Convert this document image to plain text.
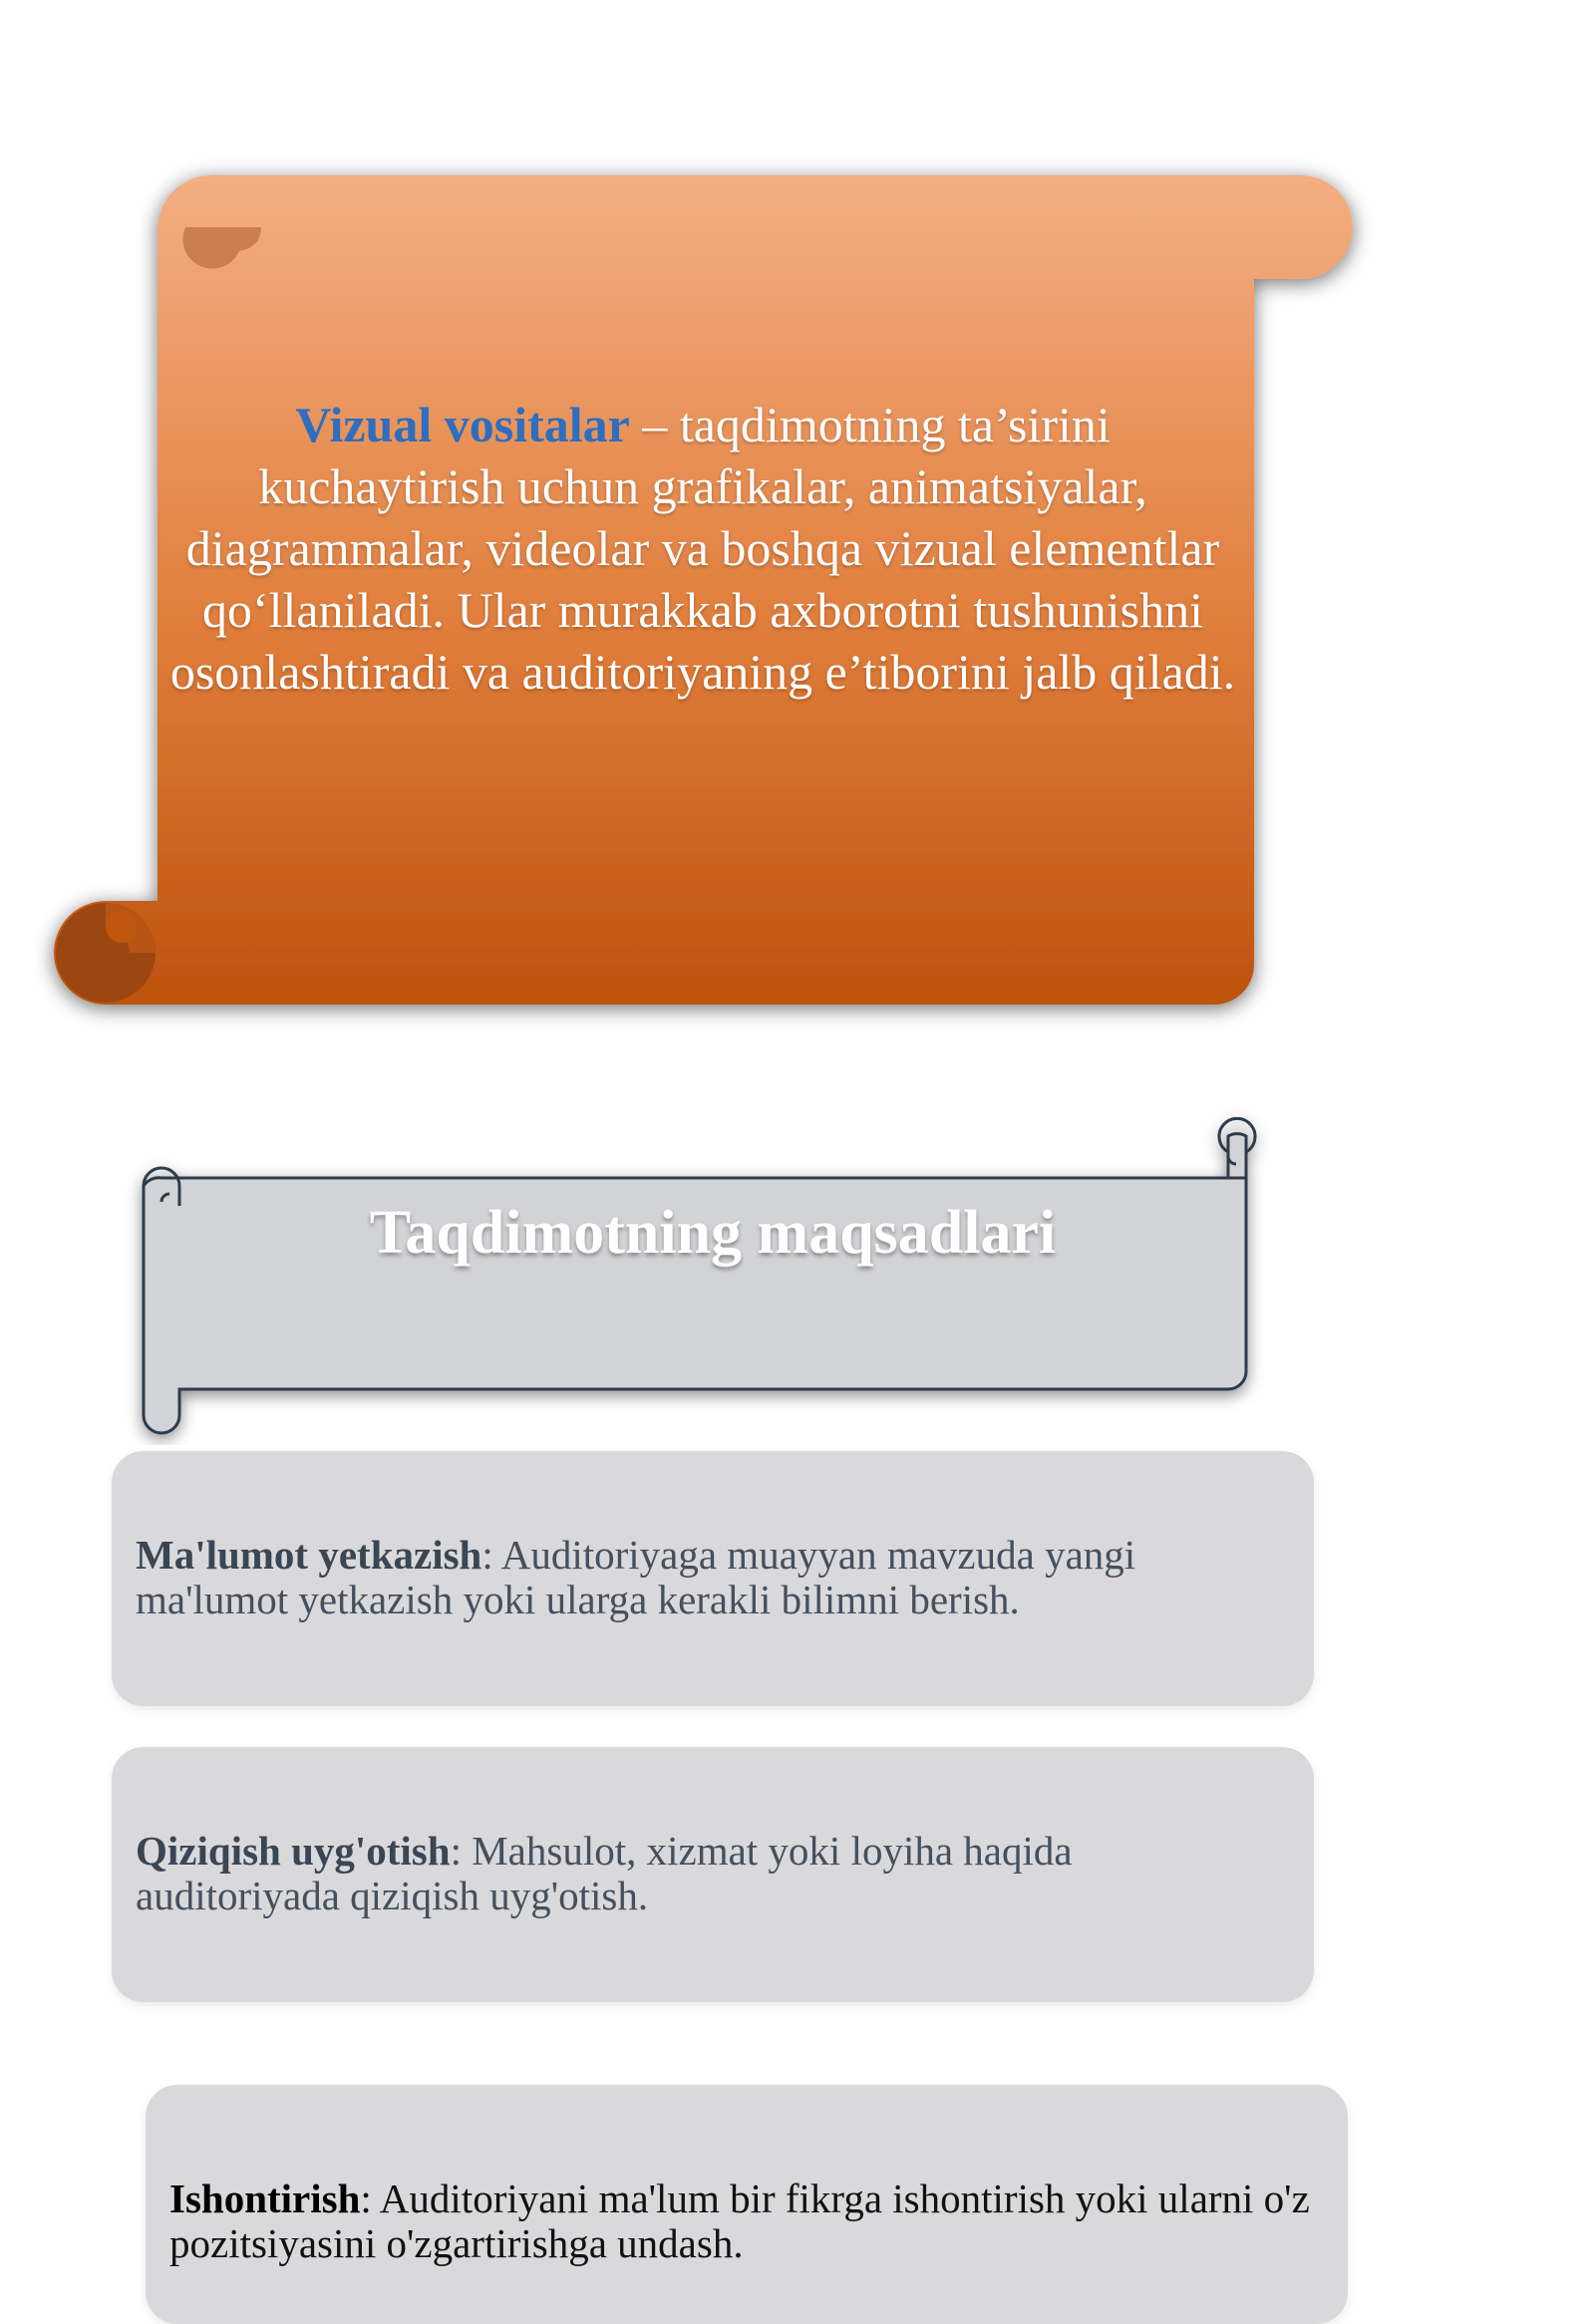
Vizual vositalar – taqdimotning ta’sirini kuchaytirish uchun grafikalar, animatsiyalar, diagrammalar, videolar va boshqa vizual elementlar qo‘llaniladi. Ular murakkab axborotni tushunishni osonlashtiradi va auditoriyaning e’tiborini jalb qiladi.
Taqdimotning maqsadlari
Ma'lumot yetkazish: Auditoriyaga muayyan mavzuda yangi ma'lumot yetkazish yoki ularga kerakli bilimni berish.
Qiziqish uyg'otish: Mahsulot, xizmat yoki loyiha haqida auditoriyada qiziqish uyg'otish.
Ishontirish: Auditoriyani ma'lum bir fikrga ishontirish yoki ularni o'z pozitsiyasini o'zgartirishga undash.
